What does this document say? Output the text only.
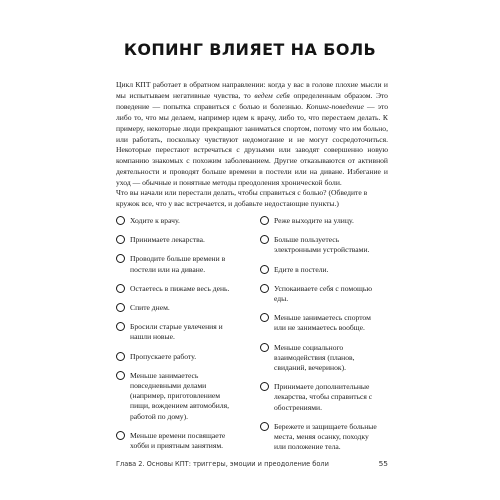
КОПИНГ ВЛИЯЕТ НА БОЛЬ

Цикл КПТ работает в обратном направлении: когда у вас в голове плохие мысли и мы испытываем негативные чувства, то ведем себя определенным образом. Это поведение — попытка справиться с болью и болезнью. Копинг-поведение — это либо то, что мы делаем, например идем к врачу, либо то, что перестаем делать. К примеру, некоторые люди прекращают заниматься спортом, потому что им больно, или работать, поскольку чувствуют недомогание и не могут сосредоточиться. Некоторые перестают встречаться с друзьями или заводят совершенно новую компанию знакомых с похожим заболеванием. Другие отказываются от активной деятельности и проводят больше времени в постели или на диване. Избегание и уход — обычные и понятные методы преодоления хронической боли.

Что вы начали или перестали делать, чтобы справиться с болью? (Обведите в кружок все, что у вас встречается, и добавьте недостающие пункты.)

Ходите к врачу.
Принимаете лекарства.
Проводите больше времени в постели или на диване.
Остаетесь в пижаме весь день.
Спите днем.
Бросили старые увлечения и нашли новые.
Пропускаете работу.
Меньше занимаетесь повседневными делами (например, приготовлением пищи, вождением автомобиля, работой по дому).
Меньше времени посвящаете хобби и приятным занятиям.
Реже выходите на улицу.
Больше пользуетесь электронными устройствами.
Едите в постели.
Успокаиваете себя с помощью еды.
Меньше занимаетесь спортом или не занимаетесь вообще.
Меньше социального взаимодействия (планов, свиданий, вечеринок).
Принимаете дополнительные лекарства, чтобы справиться с обострениями.
Бережете и защищаете больные места, меняя осанку, походку или положение тела.
Глава 2. Основы КПТ: триггеры, эмоции и преодоление боли	55
